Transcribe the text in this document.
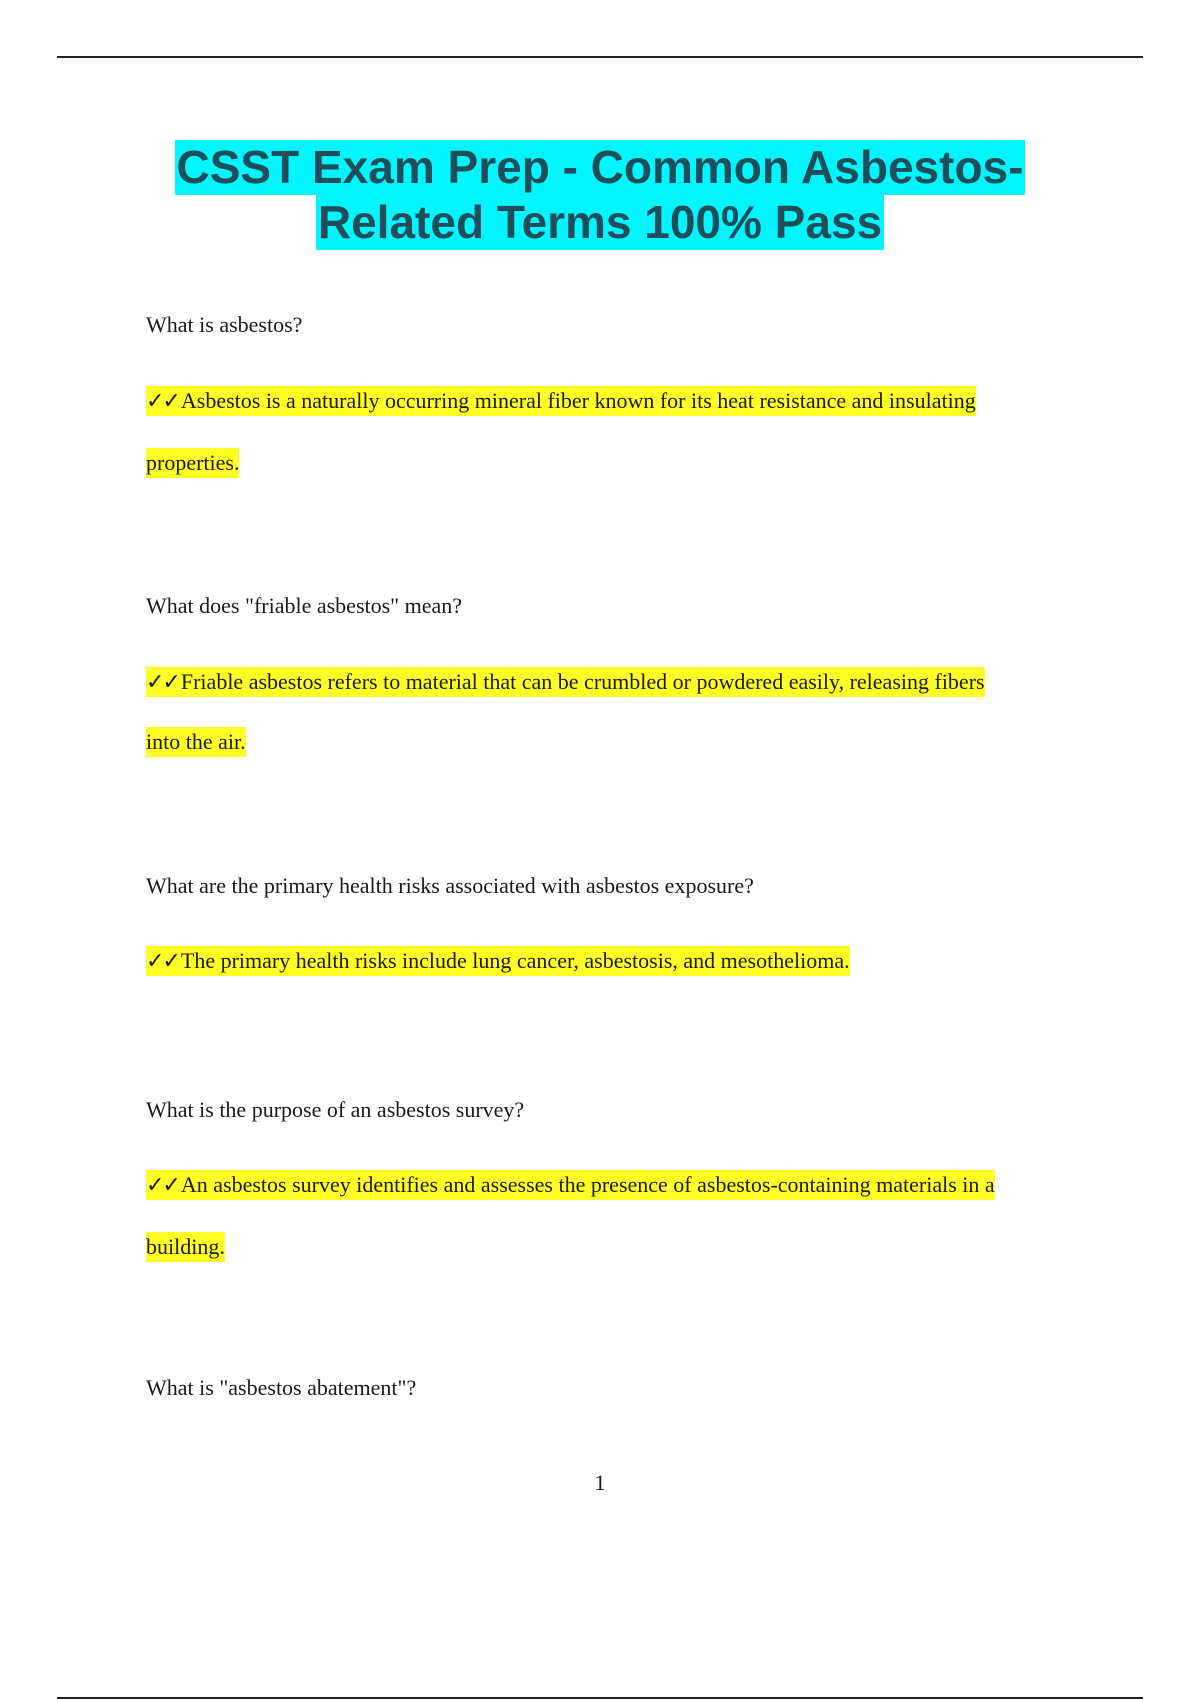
CSST Exam Prep - Common Asbestos-
Related Terms 100% Pass
What is asbestos?
✓✓Asbestos is a naturally occurring mineral fiber known for its heat resistance and insulating
properties.
What does "friable asbestos" mean?
✓✓Friable asbestos refers to material that can be crumbled or powdered easily, releasing fibers
into the air.
What are the primary health risks associated with asbestos exposure?
✓✓The primary health risks include lung cancer, asbestosis, and mesothelioma.
What is the purpose of an asbestos survey?
✓✓An asbestos survey identifies and assesses the presence of asbestos-containing materials in a
building.
What is "asbestos abatement"?
1
